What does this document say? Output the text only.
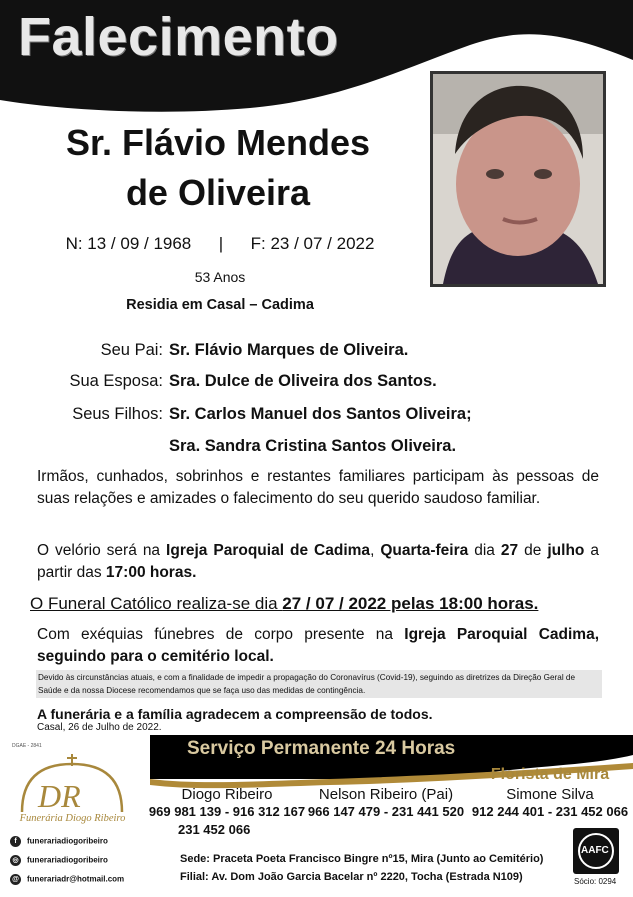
Falecimento
Sr. Flávio Mendes
de Oliveira
N: 13 / 09 / 1968 | F: 23 / 07 / 2022
53 Anos
Residia em Casal – Cadima
Seu Pai: Sr. Flávio Marques de Oliveira.
Sua Esposa: Sra. Dulce de Oliveira dos Santos.
Seus Filhos: Sr. Carlos Manuel dos Santos Oliveira;
Sra. Sandra Cristina Santos Oliveira.
Irmãos, cunhados, sobrinhos e restantes familiares participam às pessoas de suas relações e amizades o falecimento do seu querido saudoso familiar.
O velório será na Igreja Paroquial de Cadima, Quarta-feira dia 27 de julho a partir das 17:00 horas.
O Funeral Católico realiza-se dia 27 / 07 / 2022 pelas 18:00 horas.
Com exéquias fúnebres de corpo presente na Igreja Paroquial Cadima, seguindo para o cemitério local.
Devido às circunstâncias atuais, e com a finalidade de impedir a propagação do Coronavírus (Covid-19), seguindo as diretrizes da Direção Geral de Saúde e da nossa Diocese recomendamos que se faça uso das medidas de contingência.
A funerária e a família agradecem a compreensão de todos.
Casal, 26 de Julho de 2022.
DGAE - 2841	Serviço Permanente 24 Horas
DR
Funerária Diogo Ribeiro
f funerariadiogoribeiro
◎ funerariadiogoribeiro
@ funerariadr@hotmail.com
Diogo Ribeiro
969 981 139 - 916 312 167
231 452 066
Nelson Ribeiro (Pai)
966 147 479 - 231 441 520
Florista de Mira
Simone Silva
912 244 401 - 231 452 066
Sede: Praceta Poeta Francisco Bingre nº15, Mira (Junto ao Cemitério)
Filial: Av. Dom João Garcia Bacelar nº 2220, Tocha (Estrada N109)
AAFC
Sócio: 0294
